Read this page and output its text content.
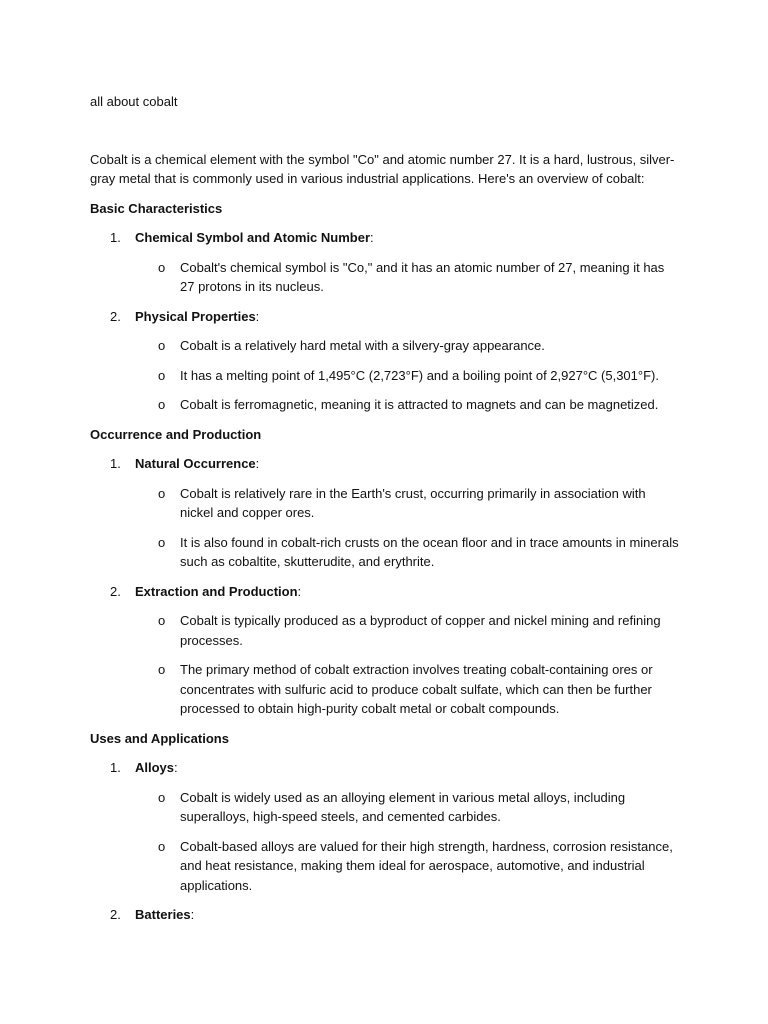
all about cobalt

Cobalt is a chemical element with the symbol "Co" and atomic number 27. It is a hard, lustrous, silver-gray metal that is commonly used in various industrial applications. Here's an overview of cobalt:

Basic Characteristics

1.	Chemical Symbol and Atomic Number:
o	Cobalt's chemical symbol is "Co," and it has an atomic number of 27, meaning it has 27 protons in its nucleus.
2.	Physical Properties:
o	Cobalt is a relatively hard metal with a silvery-gray appearance.
o	It has a melting point of 1,495°C (2,723°F) and a boiling point of 2,927°C (5,301°F).
o	Cobalt is ferromagnetic, meaning it is attracted to magnets and can be magnetized.

Occurrence and Production

1.	Natural Occurrence:
o	Cobalt is relatively rare in the Earth's crust, occurring primarily in association with nickel and copper ores.
o	It is also found in cobalt-rich crusts on the ocean floor and in trace amounts in minerals such as cobaltite, skutterudite, and erythrite.
2.	Extraction and Production:
o	Cobalt is typically produced as a byproduct of copper and nickel mining and refining processes.
o	The primary method of cobalt extraction involves treating cobalt-containing ores or concentrates with sulfuric acid to produce cobalt sulfate, which can then be further processed to obtain high-purity cobalt metal or cobalt compounds.

Uses and Applications

1.	Alloys:
o	Cobalt is widely used as an alloying element in various metal alloys, including superalloys, high-speed steels, and cemented carbides.
o	Cobalt-based alloys are valued for their high strength, hardness, corrosion resistance, and heat resistance, making them ideal for aerospace, automotive, and industrial applications.
2.	Batteries:
